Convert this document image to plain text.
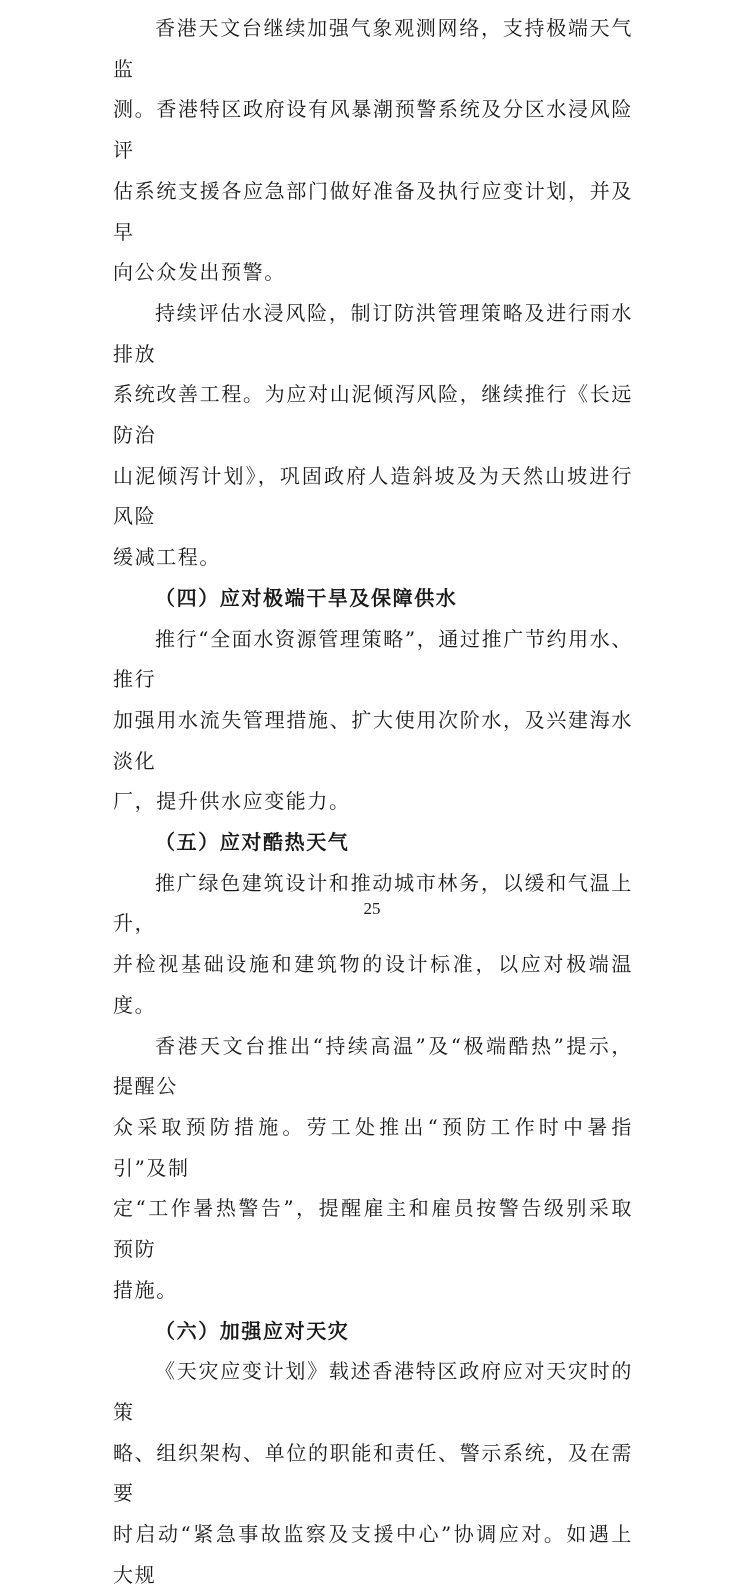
香港天文台继续加强气象观测网络，支持极端天气监
测。香港特区政府设有风暴潮预警系统及分区水浸风险评
估系统支援各应急部门做好准备及执行应变计划，并及早
向公众发出预警。

持续评估水浸风险，制订防洪管理策略及进行雨水排放
系统改善工程。为应对山泥倾泻风险，继续推行《长远防治
山泥倾泻计划》，巩固政府人造斜坡及为天然山坡进行风险
缓减工程。

（四）应对极端干旱及保障供水

推行“全面水资源管理策略”，通过推广节约用水、推行
加强用水流失管理措施、扩大使用次阶水，及兴建海水淡化
厂，提升供水应变能力。

（五）应对酷热天气

推广绿色建筑设计和推动城市林务，以缓和气温上升，
并检视基础设施和建筑物的设计标准，以应对极端温度。

香港天文台推出“持续高温”及“极端酷热”提示，提醒公
众采取预防措施。劳工处推出“预防工作时中暑指引”及制
定“工作暑热警告”，提醒雇主和雇员按警告级别采取预防
措施。

（六）加强应对天灾

《天灾应变计划》载述香港特区政府应对天灾时的策
略、组织架构、单位的职能和责任、警示系统，及在需要
时启动“紧急事故监察及支援中心”协调应对。如遇上大规

25
